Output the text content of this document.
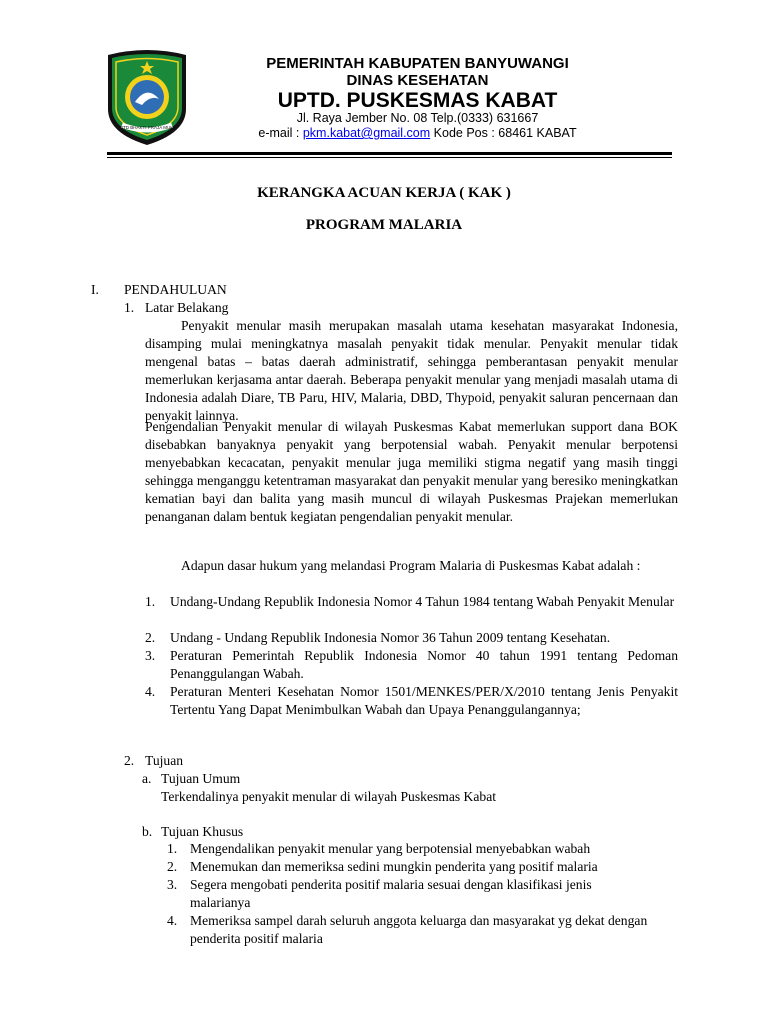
UPTD BHAKTI PRAJA MUKTI
PEMERINTAH KABUPATEN BANYUWANGI
DINAS KESEHATAN
UPTD. PUSKESMAS KABAT
Jl. Raya Jember No. 08 Telp.(0333) 631667
e-mail : pkm.kabat@gmail.com Kode Pos : 68461 KABAT
KERANGKA ACUAN KERJA ( KAK )
PROGRAM MALARIA
I. PENDAHULUAN
1. Latar Belakang
Penyakit menular masih merupakan masalah utama kesehatan masyarakat Indonesia, disamping mulai meningkatnya masalah penyakit tidak menular. Penyakit menular tidak mengenal batas – batas daerah administratif, sehingga pemberantasan penyakit menular memerlukan kerjasama antar daerah. Beberapa penyakit menular yang menjadi masalah utama di Indonesia adalah Diare, TB Paru, HIV, Malaria, DBD, Thypoid, penyakit saluran pencernaan dan penyakit lainnya.
Pengendalian Penyakit menular di wilayah Puskesmas Kabat memerlukan support dana BOK disebabkan banyaknya penyakit yang berpotensial wabah. Penyakit menular berpotensi menyebabkan kecacatan, penyakit menular juga memiliki stigma negatif yang masih tinggi sehingga menganggu ketentraman masyarakat dan penyakit menular yang beresiko meningkatkan kematian bayi dan balita yang masih muncul di wilayah Puskesmas Prajekan memerlukan penanganan dalam bentuk kegiatan pengendalian penyakit menular.
Adapun dasar hukum yang melandasi Program Malaria di Puskesmas Kabat adalah :
1. Undang-Undang Republik Indonesia Nomor 4 Tahun 1984 tentang Wabah Penyakit Menular
2. Undang - Undang Republik Indonesia Nomor 36 Tahun 2009 tentang Kesehatan.
3. Peraturan Pemerintah Republik Indonesia Nomor 40 tahun 1991 tentang Pedoman Penanggulangan Wabah.
4. Peraturan Menteri Kesehatan Nomor 1501/MENKES/PER/X/2010 tentang Jenis Penyakit Tertentu Yang Dapat Menimbulkan Wabah dan Upaya Penanggulangannya;
2. Tujuan
a. Tujuan Umum
Terkendalinya penyakit menular di wilayah Puskesmas Kabat
b. Tujuan Khusus
1. Mengendalikan penyakit menular yang berpotensial menyebabkan wabah
2. Menemukan dan memeriksa sedini mungkin penderita yang positif malaria
3. Segera mengobati penderita positif malaria sesuai dengan klasifikasi jenis malarianya
4. Memeriksa sampel darah seluruh anggota keluarga dan masyarakat yg dekat dengan penderita positif malaria
